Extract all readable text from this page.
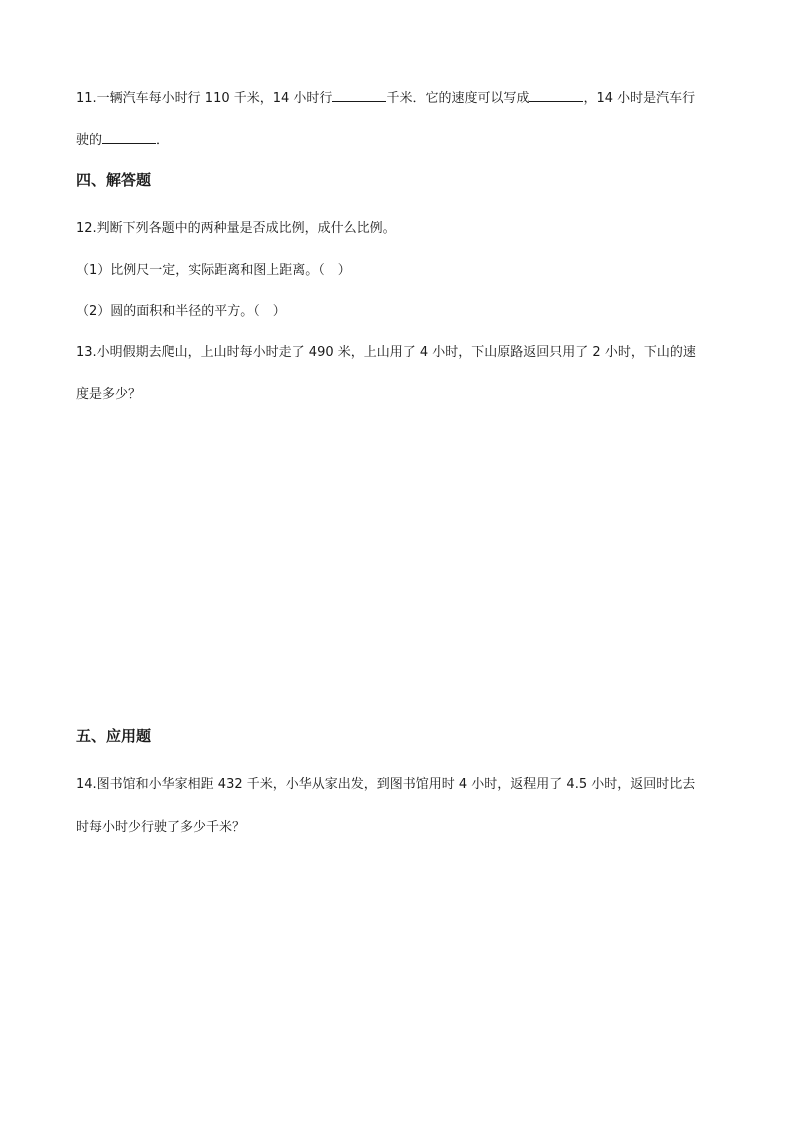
11.一辆汽车每小时行 110 千米，14 小时行	千米．它的速度可以写成	，14 小时是汽车行
驶的	．
四、解答题
12.判断下列各题中的两种量是否成比例，成什么比例。
（1）比例尺一定，实际距离和图上距离。（　）
（2）圆的面积和半径的平方。（　）
13.小明假期去爬山，上山时每小时走了 490 米，上山用了 4 小时，下山原路返回只用了 2 小时，下山的速
度是多少？
五、应用题
14.图书馆和小华家相距 432 千米，小华从家出发，到图书馆用时 4 小时，返程用了 4.5 小时，返回时比去
时每小时少行驶了多少千米？
